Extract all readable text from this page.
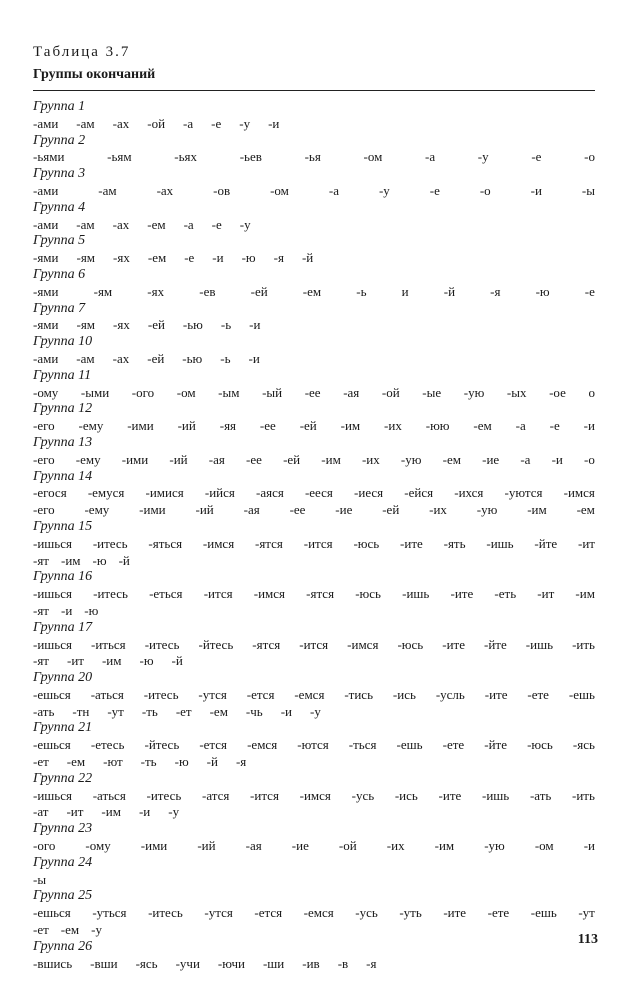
Таблица 3.7
Группы окончаний
Группа 1
-ами -ам -ах -ой -а -е -у -и
Группа 2
-ьями	-ьям	-ьях	-ьев	-ья	-ом	-а	-у	-е	-о
Группа 3
-ами	-ам	-ах	-ов	-ом	-а	-у	-е	-о	-и	-ы
Группа 4
-ами -ам -ах -ем -а -е -у
Группа 5
-ями -ям -ях -ем -е -и -ю -я -й
Группа 6
-ями	-ям	-ях	-ев	-ей	-ем	-ь	и	-й	-я	-ю	-е
Группа 7
-ями -ям -ях -ей -ью -ь -и
Группа 10
-ами -ам -ах -ей -ью -ь -и
Группа 11
-ому -ыми -ого -ом -ым -ый -ее -ая -ой -ые -ую -ых -ое о
Группа 12
-его -ему -ими -ий -яя -ее -ей -им -их -юю -ем -а -е -и
Группа 13
-его -ему -ими -ий -ая -ее -ей -им -их -ую -ем -ие -а -и -о
Группа 14
-егося -емуся -имися -ийся -аяся -ееся -иеся -ейся -ихся -уются -имся
-его -ему -ими -ий -ая -ее -ие -ей -их -ую -им -ем
Группа 15
-ишься -итесь -яться -имся -ятся -ится -юсь -ите -ять -ишь -йте -ит
-ят -им -ю -й
Группа 16
-ишься -итесь -еться -ится -имся -ятся -юсь -ишь -ите -еть -ит -им
-ят -и -ю
Группа 17
-ишься -иться -итесь -йтесь -ятся -ится -имся -юсь -ите -йте -ишь -ить
-ят -ит -им -ю -й
Группа 20
-ешься -аться -итесь -утся -ется -емся -тись -ись -усль -ите -ете -ешь
-ать -тн -ут -ть -ет -ем -чь -и -у
Группа 21
-ешься -етесь -йтесь -ется -емся -ются -ться -ешь -ете -йте -юсь -ясь
-ет -ем -ют -ть -ю -й -я
Группа 22
-ишься -аться -итесь -атся -ится -имся -усь -ись -ите -ишь -ать -ить
-ат -ит -им -и -у
Группа 23
-ого -ому -ими -ий -ая -ие -ой -их -им -ую -ом -и
Группа 24
-ы
Группа 25
-ешься -уться -итесь -утся -ется -емся -усь -уть -ите -ете -ешь -ут
-ет -ем -у
Группа 26
-вшись -вши -ясь -учи -ючи -ши -ив -в -я
113
